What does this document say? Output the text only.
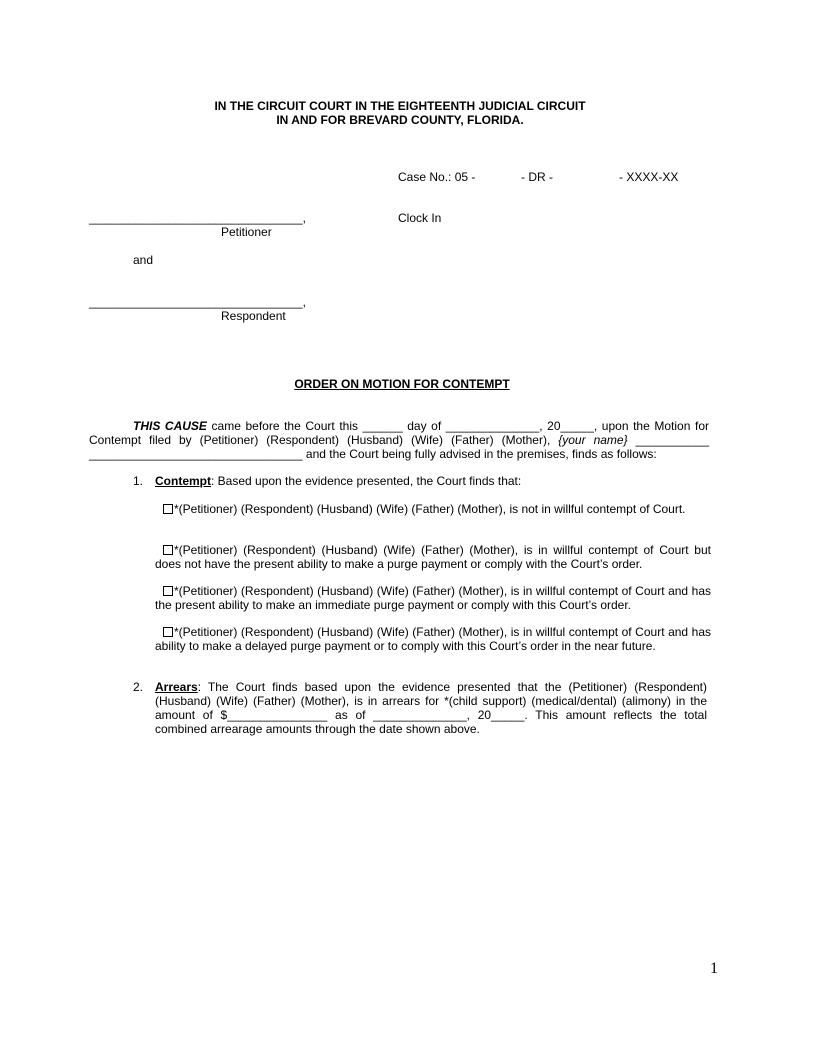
IN THE CIRCUIT COURT IN THE EIGHTEENTH JUDICIAL CIRCUIT
IN AND FOR BREVARD COUNTY, FLORIDA.
Case No.: 05 -	- DR -	- XXXX-XX
Clock In
________________________________,
Petitioner
and
________________________________,
Respondent
ORDER ON MOTION FOR CONTEMPT
THIS CAUSE came before the Court this ______ day of ______________, 20_____, upon the Motion for Contempt filed by (Petitioner) (Respondent) (Husband) (Wife) (Father) (Mother), {your name} ___________ ________________________________ and the Court being fully advised in the premises, finds as follows:
1. Contempt: Based upon the evidence presented, the Court finds that:
*(Petitioner) (Respondent) (Husband) (Wife) (Father) (Mother), is not in willful contempt of Court.
*(Petitioner) (Respondent) (Husband) (Wife) (Father) (Mother), is in willful contempt of Court but does not have the present ability to make a purge payment or comply with the Court’s order.
*(Petitioner) (Respondent) (Husband) (Wife) (Father) (Mother), is in willful contempt of Court and has the present ability to make an immediate purge payment or comply with this Court’s order.
*(Petitioner) (Respondent) (Husband) (Wife) (Father) (Mother), is in willful contempt of Court and has ability to make a delayed purge payment or to comply with this Court’s order in the near future.
2. Arrears: The Court finds based upon the evidence presented that the (Petitioner) (Respondent) (Husband) (Wife) (Father) (Mother), is in arrears for *(child support) (medical/dental) (alimony) in the amount of $_______________ as of ______________, 20_____. This amount reflects the total combined arrearage amounts through the date shown above.
1
